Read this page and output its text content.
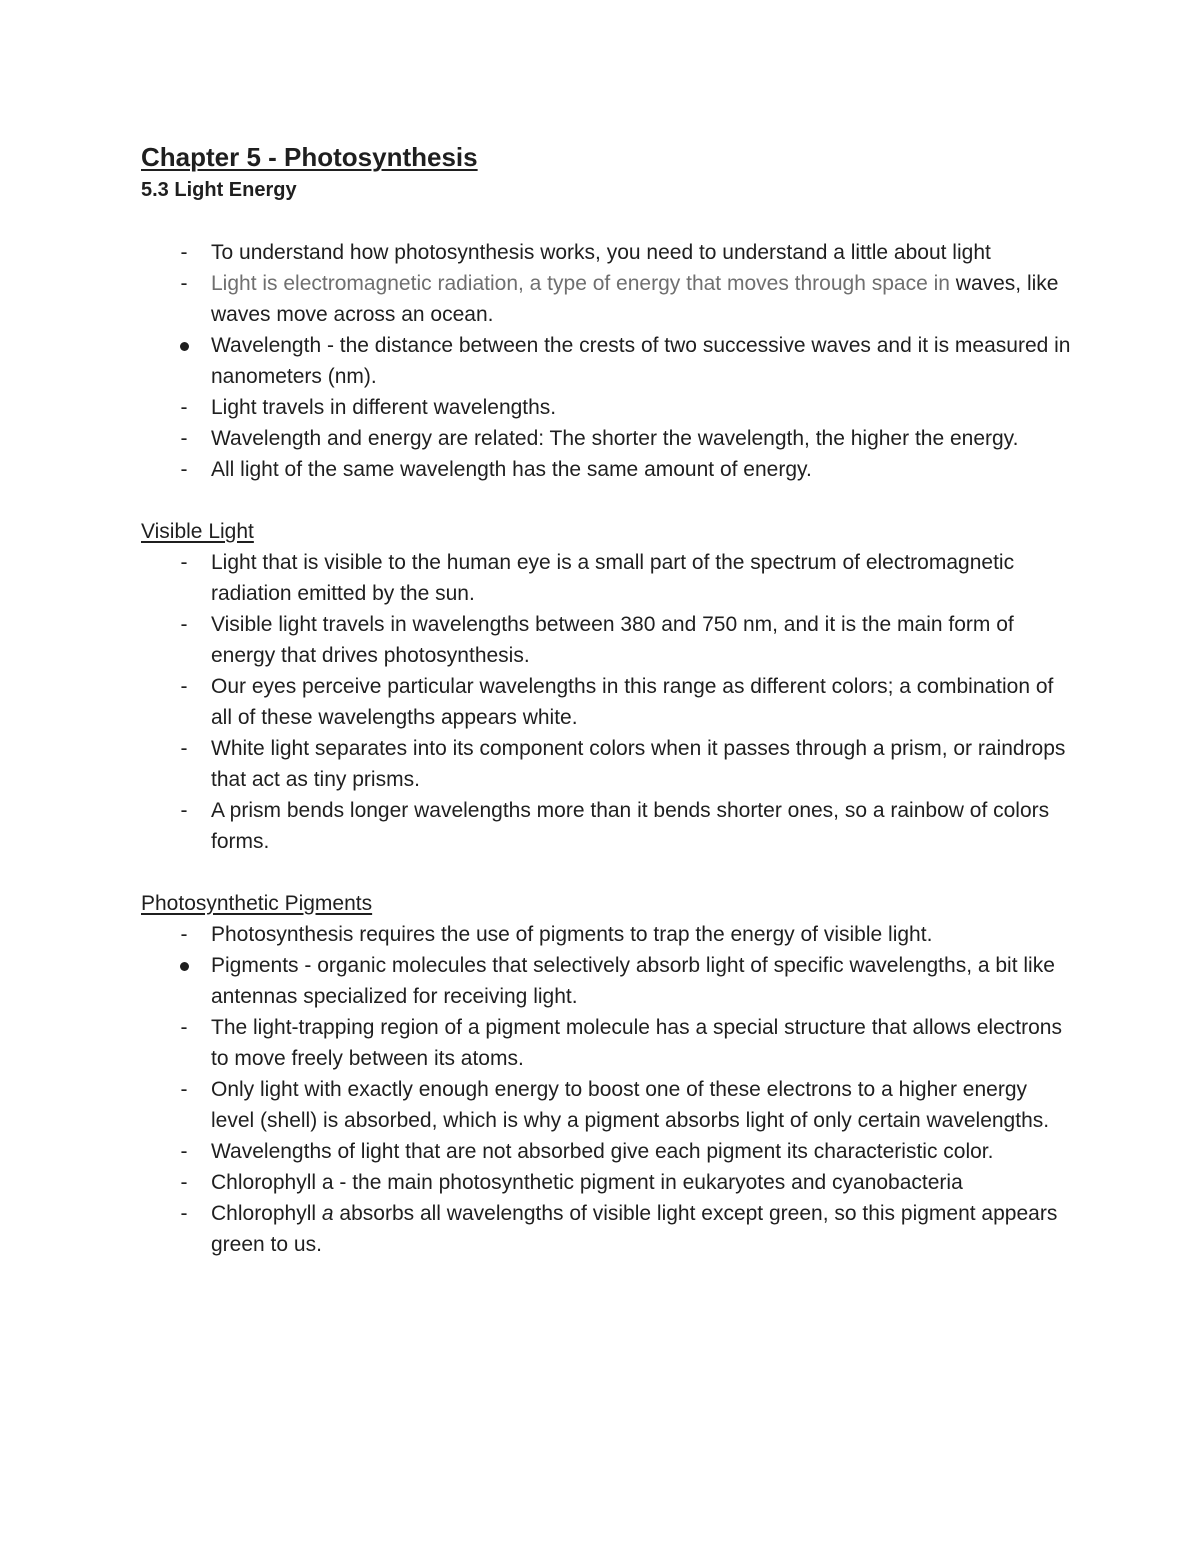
Chapter 5 - Photosynthesis
5.3 Light Energy
-
To understand how photosynthesis works, you need to understand a little about light
-
Light is electromagnetic radiation, a type of energy that moves through space in waves, like waves move across an ocean.
Wavelength - the distance between the crests of two successive waves and it is measured in nanometers (nm).
-
Light travels in different wavelengths.
-
Wavelength and energy are related: The shorter the wavelength, the higher the energy.
-
All light of the same wavelength has the same amount of energy.
Visible Light
-
Light that is visible to the human eye is a small part of the spectrum of electromagnetic radiation emitted by the sun.
-
Visible light travels in wavelengths between 380 and 750 nm, and it is the main form of energy that drives photosynthesis.
-
Our eyes perceive particular wavelengths in this range as different colors; a combination of all of these wavelengths appears white.
-
White light separates into its component colors when it passes through a prism, or raindrops that act as tiny prisms.
-
A prism bends longer wavelengths more than it bends shorter ones, so a rainbow of colors forms.
Photosynthetic Pigments
-
Photosynthesis requires the use of pigments to trap the energy of visible light.
Pigments - organic molecules that selectively absorb light of specific wavelengths, a bit like antennas specialized for receiving light.
-
The light-trapping region of a pigment molecule has a special structure that allows electrons to move freely between its atoms.
-
Only light with exactly enough energy to boost one of these electrons to a higher energy level (shell) is absorbed, which is why a pigment absorbs light of only certain wavelengths.
-
Wavelengths of light that are not absorbed give each pigment its characteristic color.
-
Chlorophyll a - the main photosynthetic pigment in eukaryotes and cyanobacteria
-
Chlorophyll a absorbs all wavelengths of visible light except green, so this pigment appears green to us.
